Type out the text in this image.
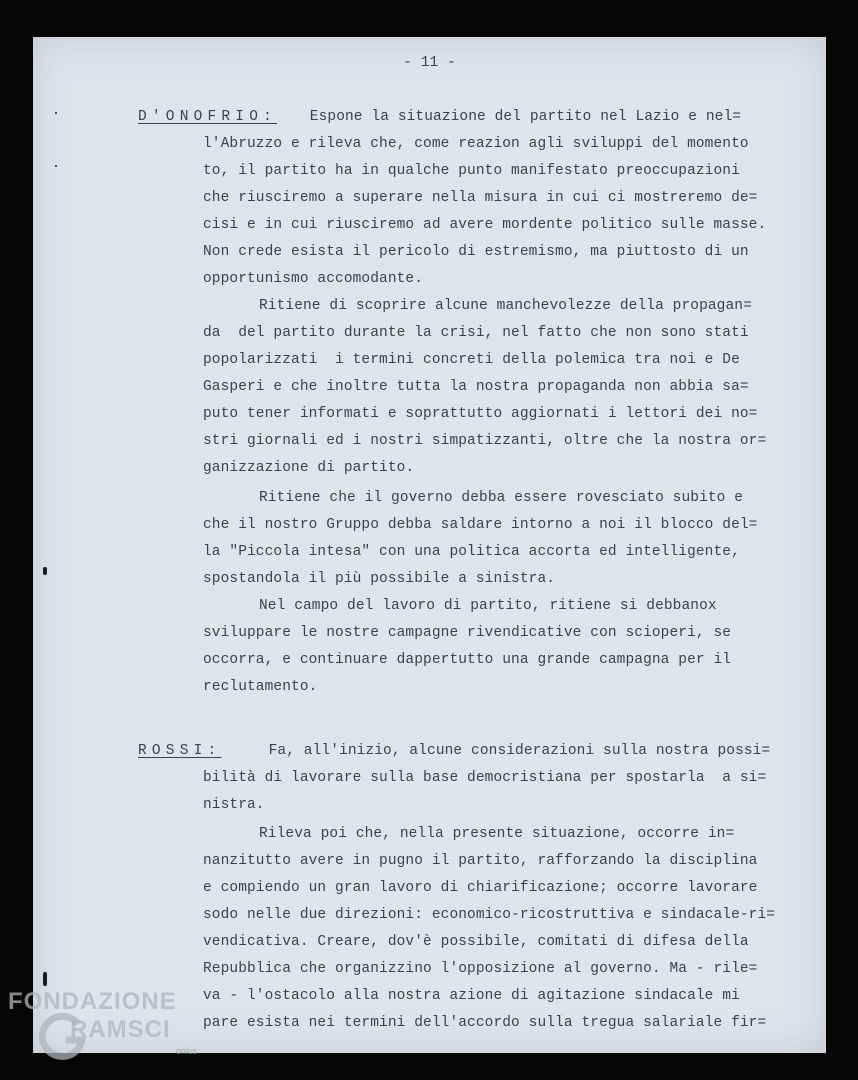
- 11 -
D'ONOFRIO: Espone la situazione del partito nel Lazio e nel=
l'Abruzzo e rileva che, come reazion agli sviluppi del momento
to, il partito ha in qualche punto manifestato preoccupazioni
che riusciremo a superare nella misura in cui ci mostreremo de=
cisi e in cui riusciremo ad avere mordente politico sulle masse.
Non crede esista il pericolo di estremismo, ma piuttosto di un
opportunismo accomodante.
Ritiene di scoprire alcune manchevolezze della propagan=
da  del partito durante la crisi, nel fatto che non sono stati
popolarizzati  i termini concreti della polemica tra noi e De
Gasperi e che inoltre tutta la nostra propaganda non abbia sa=
puto tener informati e soprattutto aggiornati i lettori dei no=
stri giornali ed i nostri simpatizzanti, oltre che la nostra or=
ganizzazione di partito.
Ritiene che il governo debba essere rovesciato subito e
che il nostro Gruppo debba saldare intorno a noi il blocco del=
la "Piccola intesa" con una politica accorta ed intelligente,
spostandola il più possibile a sinistra.
Nel campo del lavoro di partito, ritiene si debbanox
sviluppare le nostre campagne rivendicative con scioperi, se
occorra, e continuare dappertutto una grande campagna per il
reclutamento.
ROSSI: Fa, all'inizio, alcune considerazioni sulla nostra possi=
bilità di lavorare sulla base democristiana per spostarla  a si=
nistra.
Rileva poi che, nella presente situazione, occorre in=
nanzitutto avere in pugno il partito, rafforzando la disciplina
e compiendo un gran lavoro di chiarificazione; occorre lavorare
sodo nelle due direzioni: economico-ricostruttiva e sindacale-ri=
vendicativa. Creare, dov'è possibile, comitati di difesa della
Repubblica che organizzino l'opposizione al governo. Ma - rile=
va - l'ostacolo alla nostra azione di agitazione sindacale mi
pare esista nei termini dell'accordo sulla tregua salariale fir=
FONDAZIONE
RAMSCI
onlus
